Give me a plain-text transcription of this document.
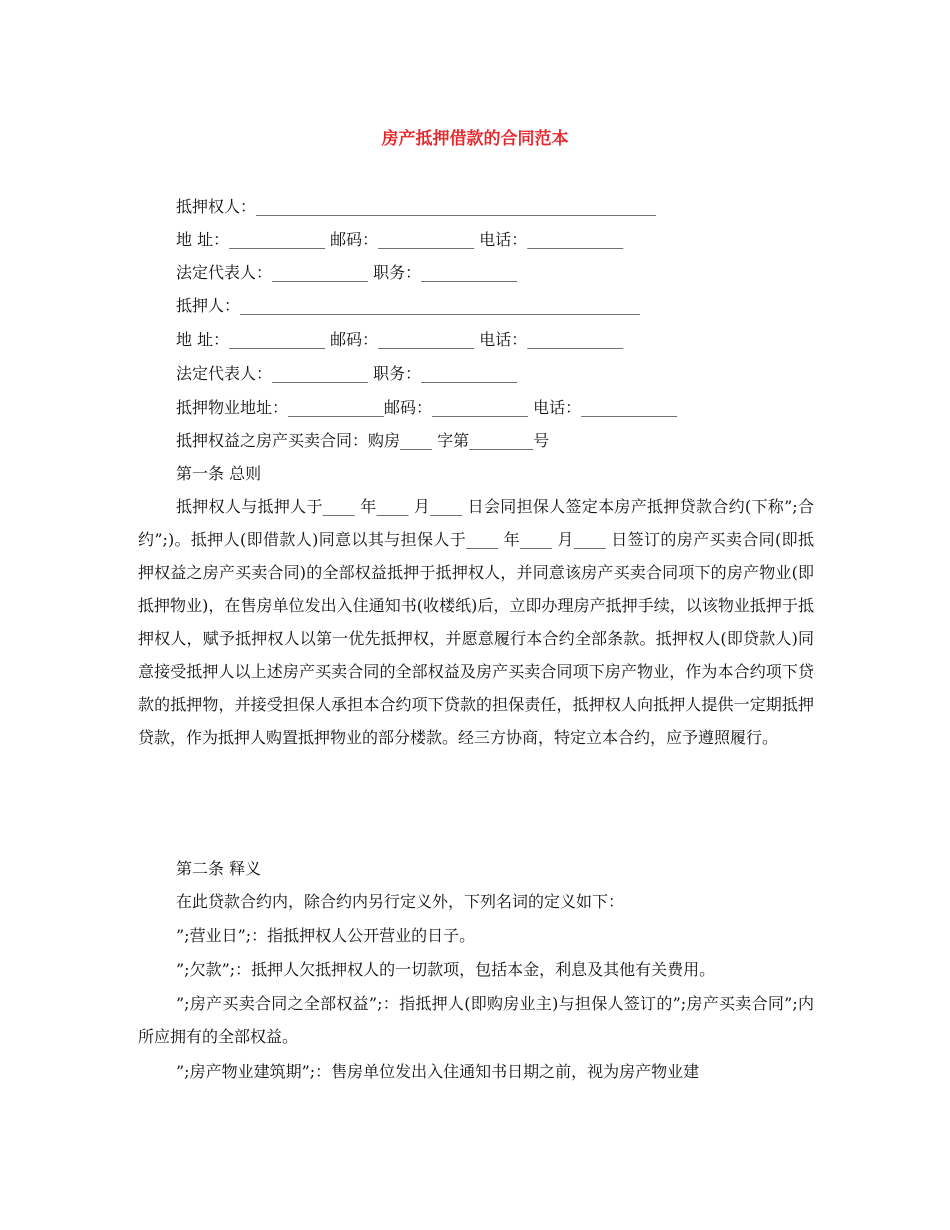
房产抵押借款的合同范本
抵押权人：__________________________________________________
地 址：____________ 邮码：____________ 电话：____________
法定代表人：____________ 职务：____________
抵押人：__________________________________________________
地 址：____________ 邮码：____________ 电话：____________
法定代表人：____________ 职务：____________
抵押物业地址：____________邮码：____________ 电话：____________
抵押权益之房产买卖合同：购房____ 字第________号
第一条 总则
抵押权人与抵押人于____ 年____ 月____ 日会同担保人签定本房产抵押贷款合约(下称”;合约”;)。抵押人(即借款人)同意以其与担保人于____ 年____ 月____ 日签订的房产买卖合同(即抵押权益之房产买卖合同)的全部权益抵押于抵押权人，并同意该房产买卖合同项下的房产物业(即抵押物业)，在售房单位发出入住通知书(收楼纸)后，立即办理房产抵押手续，以该物业抵押于抵押权人，赋予抵押权人以第一优先抵押权，并愿意履行本合约全部条款。抵押权人(即贷款人)同意接受抵押人以上述房产买卖合同的全部权益及房产买卖合同项下房产物业，作为本合约项下贷款的抵押物，并接受担保人承担本合约项下贷款的担保责任，抵押权人向抵押人提供一定期抵押贷款，作为抵押人购置抵押物业的部分楼款。经三方协商，特定立本合约，应予遵照履行。
第二条 释义
在此贷款合约内，除合约内另行定义外，下列名词的定义如下：
”;营业日”;：指抵押权人公开营业的日子。
”;欠款”;：抵押人欠抵押权人的一切款项，包括本金，利息及其他有关费用。
”;房产买卖合同之全部权益”;：指抵押人(即购房业主)与担保人签订的”;房产买卖合同”;内所应拥有的全部权益。
”;房产物业建筑期”;：售房单位发出入住通知书日期之前，视为房产物业建
